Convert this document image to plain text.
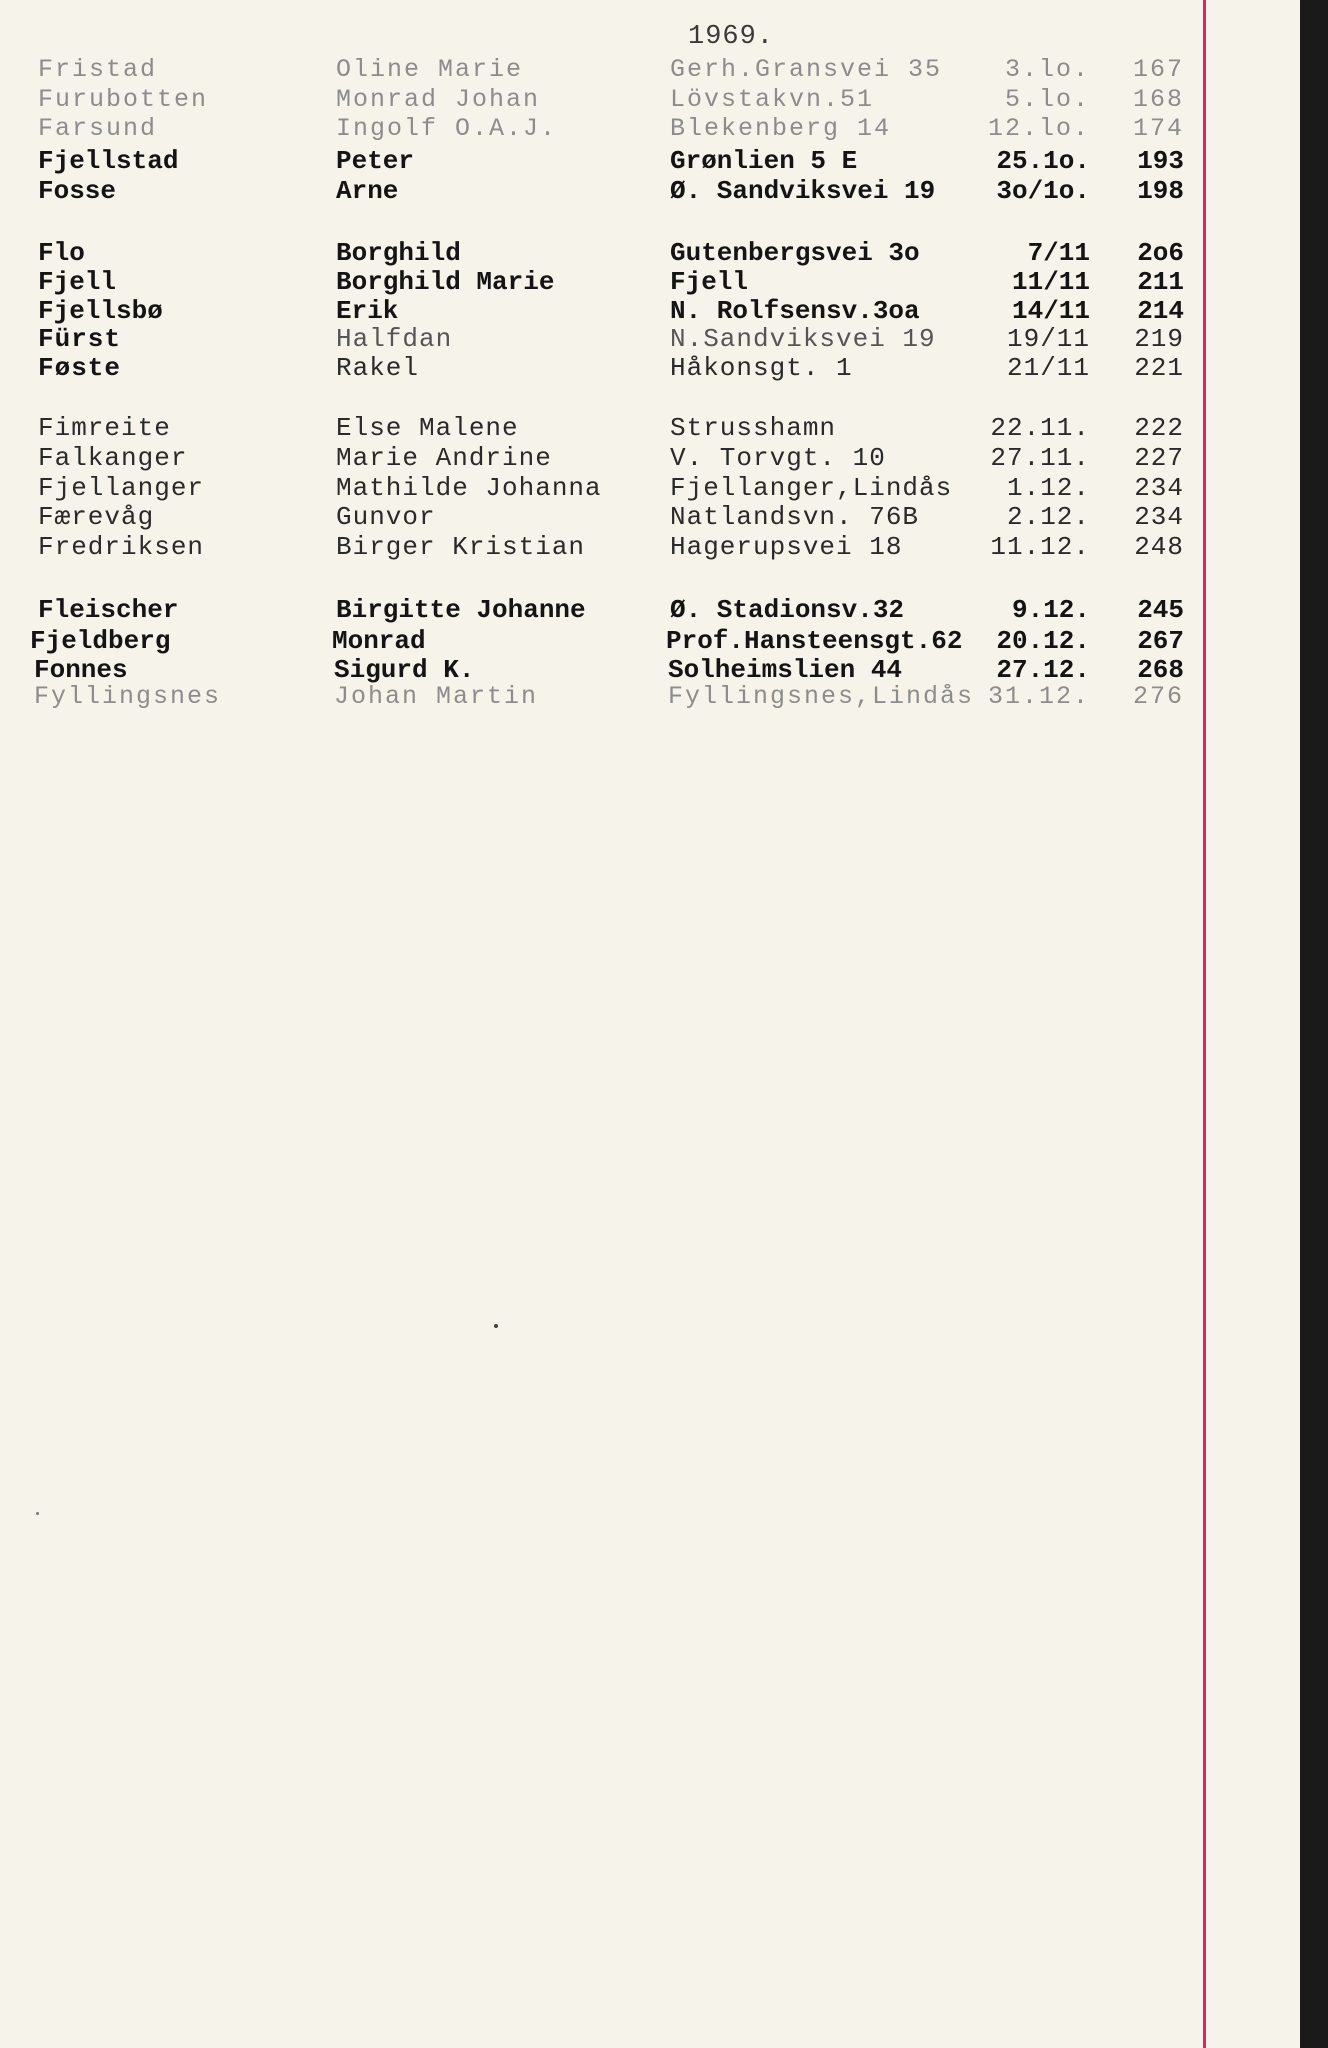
1969.
Fristad	Oline Marie	Gerh.Gransvei 35	3.lo.	167
Furubotten	Monrad Johan	Lövstakvn.51	5.lo.	168
Farsund	Ingolf O.A.J.	Blekenberg 14	12.lo.	174
Fjellstad	Peter	Grønlien 5 E	25.1o.	193
Fosse	Arne	Ø. Sandviksvei 19	3o/1o.	198
Flo	Borghild	Gutenbergsvei 3o	7/11	2o6
Fjell	Borghild Marie	Fjell	11/11	211
Fjellsbø	Erik	N. Rolfsensv.3oa	14/11	214
Fürst	Halfdan	N.Sandviksvei 19	19/11	219
Føste	Rakel	Håkonsgt. 1	21/11	221
Fimreite	Else Malene	Strusshamn	22.11.	222
Falkanger	Marie Andrine	V. Torvgt. 10	27.11.	227
Fjellanger	Mathilde Johanna	Fjellanger,Lindås	1.12.	234
Færevåg	Gunvor	Natlandsvn. 76B	2.12.	234
Fredriksen	Birger Kristian	Hagerupsvei 18	11.12.	248
Fleischer	Birgitte Johanne	Ø. Stadionsv.32	9.12.	245
Fjeldberg	Monrad	Prof.Hansteensgt.62	20.12.	267
Fonnes	Sigurd K.	Solheimslien 44	27.12.	268
Fyllingsnes	Johan Martin	Fyllingsnes,Lindås 31.12.	276
